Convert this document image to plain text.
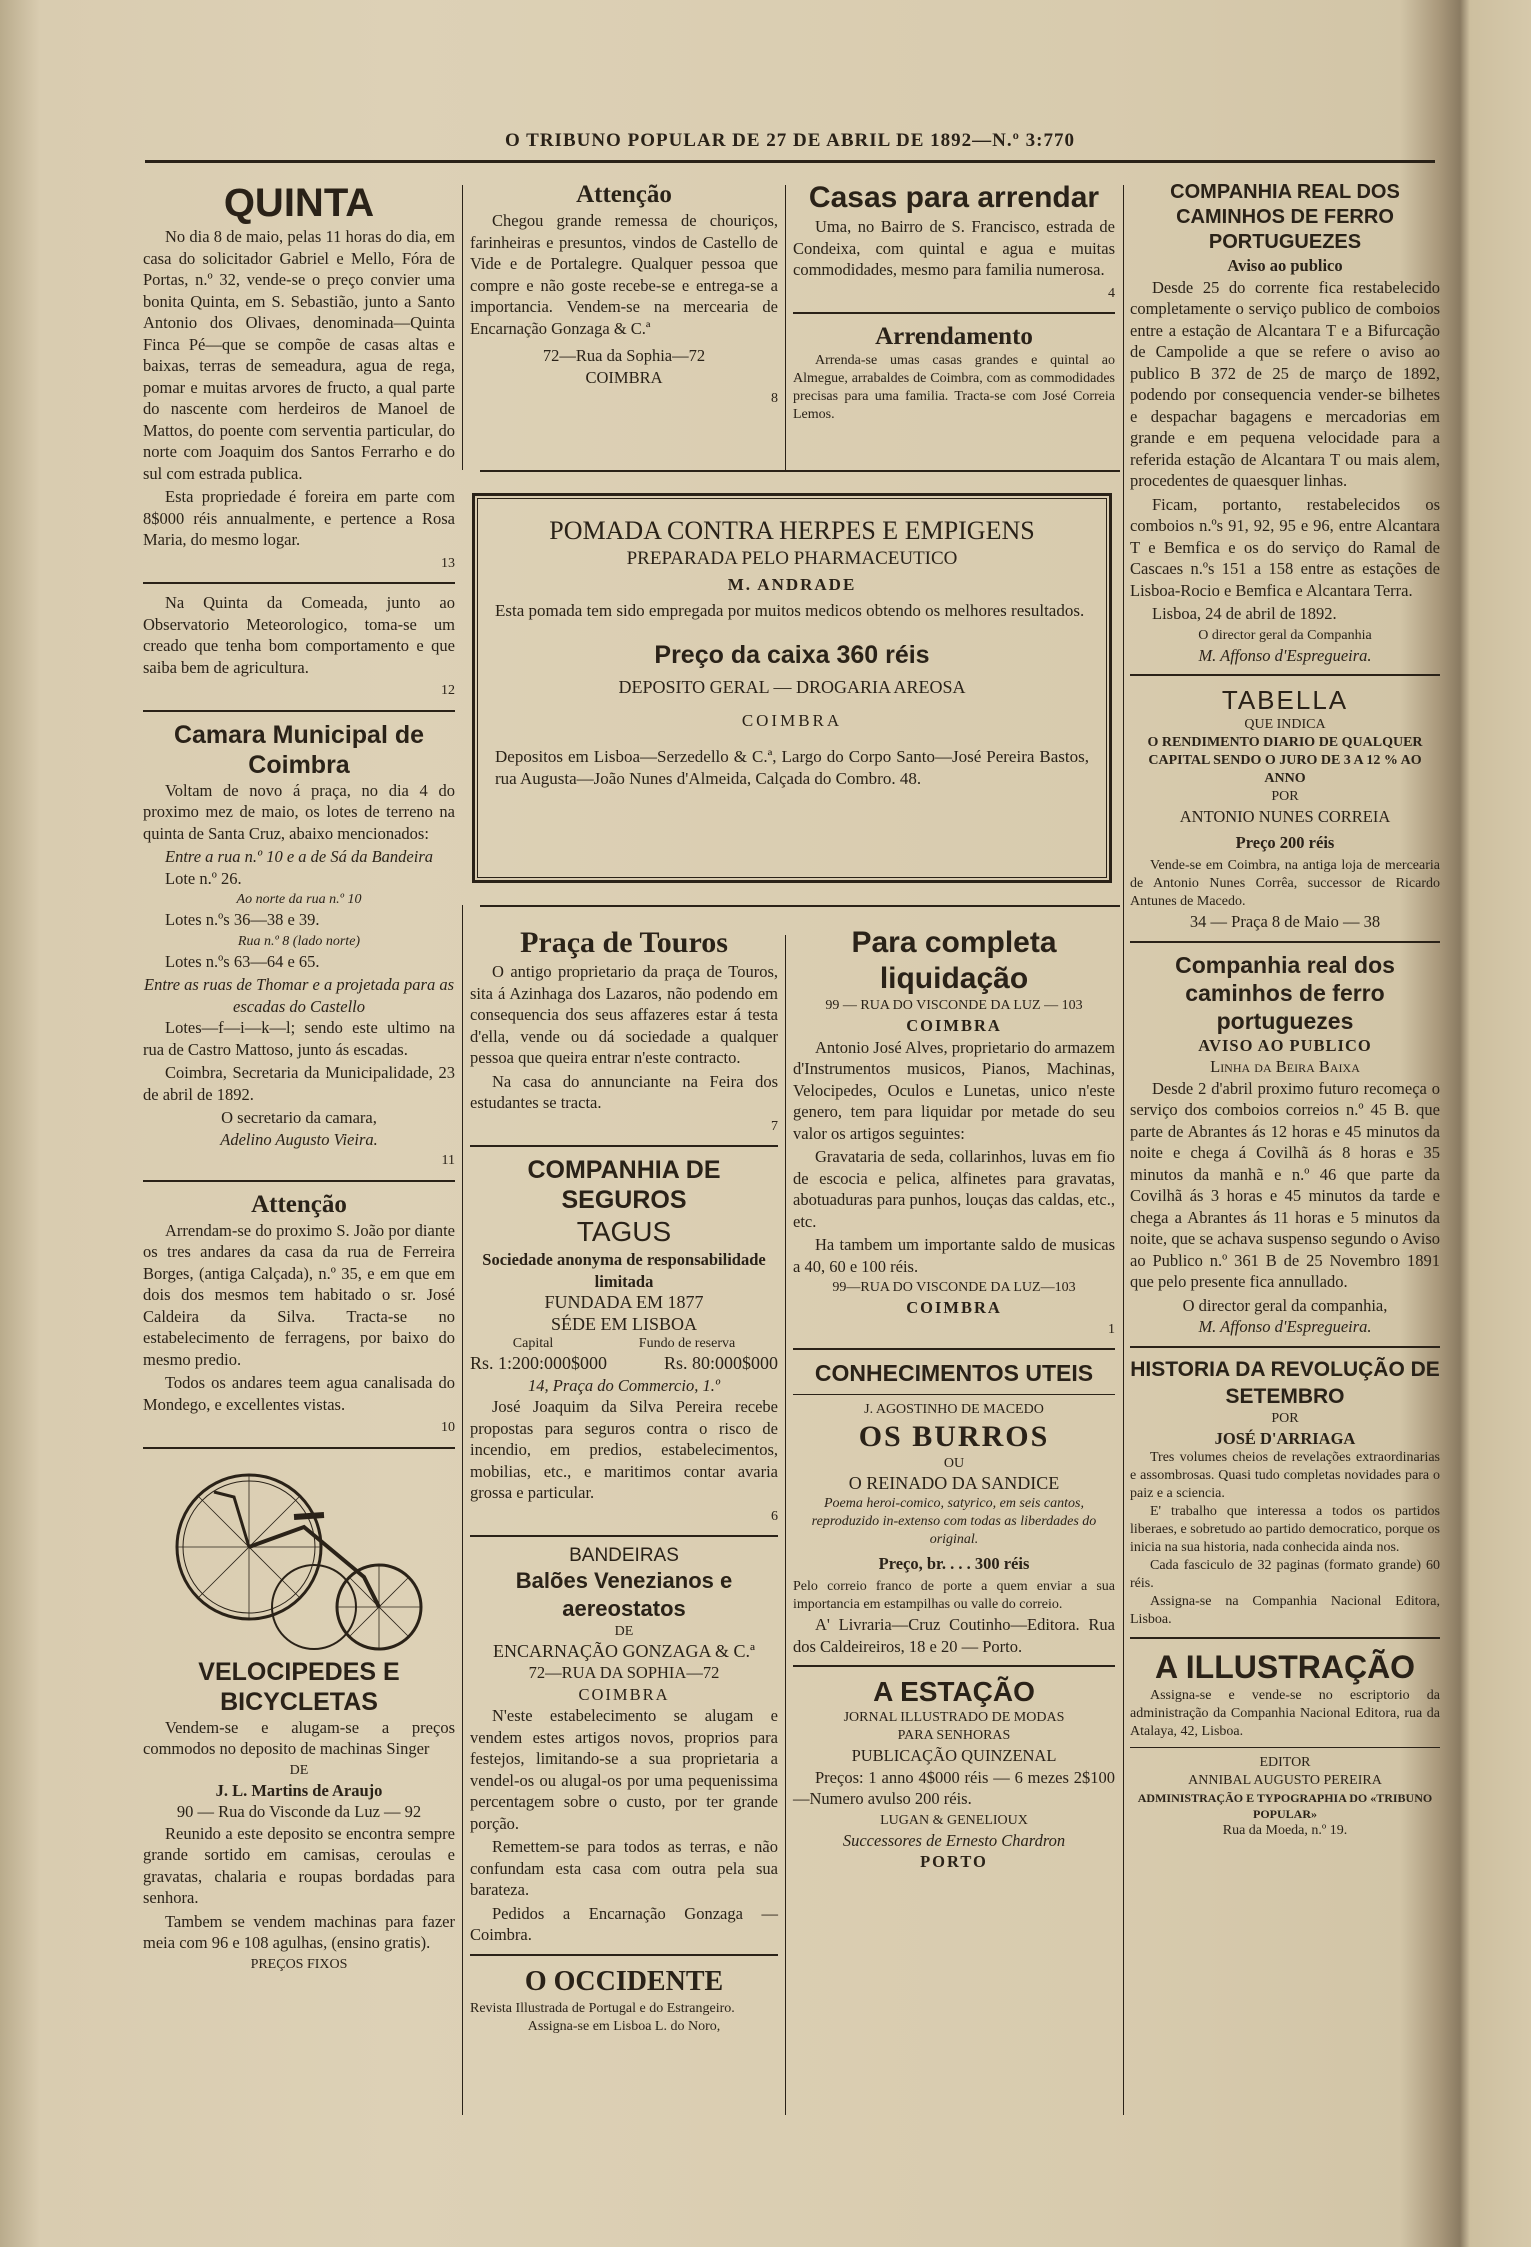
O TRIBUNO POPULAR DE 27 DE ABRIL DE 1892—N.º 3:770
QUINTA

No dia 8 de maio, pelas 11 horas do dia, em casa do solicitador Gabriel e Mello, Fóra de Portas, n.º 32, vende-se o preço convier uma bonita Quinta, em S. Sebastião, junto a Santo Antonio dos Olivaes, denominada—Quinta Finca Pé—que se compõe de casas altas e baixas, terras de semeadura, agua de rega, pomar e muitas arvores de fructo, a qual parte do nascente com herdeiros de Manoel de Mattos, do poente com serventia particular, do norte com Joaquim dos Santos Ferrarho e do sul com estrada publica.

Esta propriedade é foreira em parte com 8$000 réis annualmente, e pertence a Rosa Maria, do mesmo logar.

13

Na Quinta da Comeada, junto ao Observatorio Meteorologico, toma-se um creado que tenha bom comportamento e que saiba bem de agricultura.

12
Camara Municipal de Coimbra

Voltam de novo á praça, no dia 4 do proximo mez de maio, os lotes de terreno na quinta de Santa Cruz, abaixo mencionados:

Entre a rua n.º 10 e a de Sá da Bandeira

Lote n.º 26.

Ao norte da rua n.º 10

Lotes n.ºs 36—38 e 39.

Rua n.º 8 (lado norte)

Lotes n.ºs 63—64 e 65.

Entre as ruas de Thomar e a projetada para as escadas do Castello

Lotes—f—i—k—l; sendo este ultimo na rua de Castro Mattoso, junto ás escadas.

Coimbra, Secretaria da Municipalidade, 23 de abril de 1892.

O secretario da camara,
Adelino Augusto Vieira.
11
Attenção

Arrendam-se do proximo S. João por diante os tres andares da casa da rua de Ferreira Borges, (antiga Calçada), n.º 35, e em que em dois dos mesmos tem habitado o sr. José Caldeira da Silva. Tracta-se no estabelecimento de ferragens, por baixo do mesmo predio.

Todos os andares teem agua canalisada do Mondego, e excellentes vistas.

10
VELOCIPEDES E BICYCLETAS

Vendem-se e alugam-se a preços commodos no deposito de machinas Singer

DE
J. L. Martins de Araujo
90 — Rua do Visconde da Luz — 92

Reunido a este deposito se encontra sempre grande sortido em camisas, ceroulas e gravatas, chalaria e roupas bordadas para senhora.

Tambem se vendem machinas para fazer meia com 96 e 108 agulhas, (ensino gratis).

PREÇOS FIXOS
Attenção

Chegou grande remessa de chouriços, farinheiras e presuntos, vindos de Castello de Vide e de Portalegre. Qualquer pessoa que compre e não goste recebe-se e entrega-se a importancia. Vendem-se na mercearia de Encarnação Gonzaga & C.ª

72—Rua da Sophia—72
COIMBRA
8
Casas para arrendar

Uma, no Bairro de S. Francisco, estrada de Condeixa, com quintal e agua e muitas commodidades, mesmo para familia numerosa.

4
Arrendamento

Arrenda-se umas casas grandes e quintal ao Almegue, arrabaldes de Coimbra, com as commodidades precisas para uma familia. Tracta-se com José Correia Lemos.

POMADA CONTRA HERPES E EMPIGENS
PREPARADA PELO PHARMACEUTICO
M. ANDRADE
Esta pomada tem sido empregada por muitos medicos obtendo os melhores resultados.
Preço da caixa 360 réis
DEPOSITO GERAL — DROGARIA AREOSA
COIMBRA
Depositos em Lisboa—Serzedello & C.ª, Largo do Corpo Santo—José Pereira Bastos, rua Augusta—João Nunes d'Almeida, Calçada do Combro. 48.
Praça de Touros

O antigo proprietario da praça de Touros, sita á Azinhaga dos Lazaros, não podendo em consequencia dos seus affazeres estar á testa d'ella, vende ou dá sociedade a qualquer pessoa que queira entrar n'este contracto.

Na casa do annunciante na Feira dos estudantes se tracta.

7
COMPANHIA DE SEGUROS
TAGUS
Sociedade anonyma de responsabilidade limitada
FUNDADA EM 1877
SÉDE EM LISBOA
Capital	Fundo de reserva
Rs. 1:200:000$000	Rs. 80:000$000
14, Praça do Commercio, 1.º

José Joaquim da Silva Pereira recebe propostas para seguros contra o risco de incendio, em predios, estabelecimentos, mobilias, etc., e maritimos contar avaria grossa e particular.

6
BANDEIRAS
Balões Venezianos e aereostatos
DE
ENCARNAÇÃO GONZAGA & C.ª
72—RUA DA SOPHIA—72
COIMBRA

N'este estabelecimento se alugam e vendem estes artigos novos, proprios para festejos, limitando-se a sua proprietaria a vendel-os ou alugal-os por uma pequenissima percentagem sobre o custo, por ter grande porção.

Remettem-se para todos as terras, e não confundam esta casa com outra pela sua barateza.

Pedidos a Encarnação Gonzaga — Coimbra.

O OCCIDENTE
Revista Illustrada de Portugal e do Estrangeiro.
Assigna-se em Lisboa L. do Noro,
Para completa liquidação
99 — RUA DO VISCONDE DA LUZ — 103
COIMBRA

Antonio José Alves, proprietario do armazem d'Instrumentos musicos, Pianos, Machinas, Velocipedes, Oculos e Lunetas, unico n'este genero, tem para liquidar por metade do seu valor os artigos seguintes:

Gravataria de seda, collarinhos, luvas em fio de escocia e pelica, alfinetes para gravatas, abotuaduras para punhos, louças das caldas, etc., etc.

Ha tambem um importante saldo de musicas a 40, 60 e 100 réis.

99—RUA DO VISCONDE DA LUZ—103
COIMBRA
1
CONHECIMENTOS UTEIS
J. AGOSTINHO DE MACEDO
OS BURROS
OU
O REINADO DA SANDICE
Poema heroi-comico, satyrico, em seis cantos, reproduzido in-extenso com todas as liberdades do original.
Preço, br. . . . 300 réis
Pelo correio franco de porte a quem enviar a sua importancia em estampilhas ou valle do correio.

A' Livraria—Cruz Coutinho—Editora. Rua dos Caldeireiros, 18 e 20 — Porto.

A ESTAÇÃO
JORNAL ILLUSTRADO DE MODAS
PARA SENHORAS
PUBLICAÇÃO QUINZENAL

Preços: 1 anno 4$000 réis — 6 mezes 2$100—Numero avulso 200 réis.

LUGAN & GENELIOUX
Successores de Ernesto Chardron
PORTO
COMPANHIA REAL DOS CAMINHOS DE FERRO PORTUGUEZES
Aviso ao publico

Desde 25 do corrente fica restabelecido completamente o serviço publico de comboios entre a estação de Alcantara T e a Bifurcação de Campolide a que se refere o aviso ao publico B 372 de 25 de março de 1892, podendo por consequencia vender-se bilhetes e despachar bagagens e mercadorias em grande e em pequena velocidade para a referida estação de Alcantara T ou mais alem, procedentes de quaesquer linhas.

Ficam, portanto, restabelecidos os comboios n.ºs 91, 92, 95 e 96, entre Alcantara T e Bemfica e os do serviço do Ramal de Cascaes n.ºs 151 a 158 entre as estações de Lisboa-Rocio e Bemfica e Alcantara Terra.

Lisboa, 24 de abril de 1892.

O director geral da Companhia
M. Affonso d'Espregueira.
TABELLA
QUE INDICA
O RENDIMENTO DIARIO DE QUALQUER CAPITAL SENDO O JURO DE 3 A 12 % AO ANNO
POR
ANTONIO NUNES CORREIA
Preço 200 réis
Vende-se em Coimbra, na antiga loja de mercearia de Antonio Nunes Corrêa, successor de Ricardo Antunes de Macedo.
34 — Praça 8 de Maio — 38
Companhia real dos caminhos de ferro portuguezes
AVISO AO PUBLICO
Linha da Beira Baixa

Desde 2 d'abril proximo futuro recomeça o serviço dos comboios correios n.º 45 B. que parte de Abrantes ás 12 horas e 45 minutos da noite e chega á Covilhã ás 8 horas e 35 minutos da manhã e n.º 46 que parte da Covilhã ás 3 horas e 45 minutos da tarde e chega a Abrantes ás 11 horas e 5 minutos da noite, que se achava suspenso segundo o Aviso ao Publico n.º 361 B de 25 Novembro 1891 que pelo presente fica annullado.

O director geral da companhia,
M. Affonso d'Espregueira.
HISTORIA DA REVOLUÇÃO DE SETEMBRO
POR
JOSÉ D'ARRIAGA
Tres volumes cheios de revelações extraordinarias e assombrosas. Quasi tudo completas novidades para o paiz e a sciencia.
E' trabalho que interessa a todos os partidos liberaes, e sobretudo ao partido democratico, porque os inicia na sua historia, nada conhecida ainda nos.
Cada fasciculo de 32 paginas (formato grande) 60 réis.
Assigna-se na Companhia Nacional Editora, Lisboa.
A ILLUSTRAÇÃO
Assigna-se e vende-se no escriptorio da administração da Companhia Nacional Editora, rua da Atalaya, 42, Lisboa.
EDITOR
ANNIBAL AUGUSTO PEREIRA
ADMINISTRAÇÃO E TYPOGRAPHIA DO «TRIBUNO POPULAR»
Rua da Moeda, n.º 19.
